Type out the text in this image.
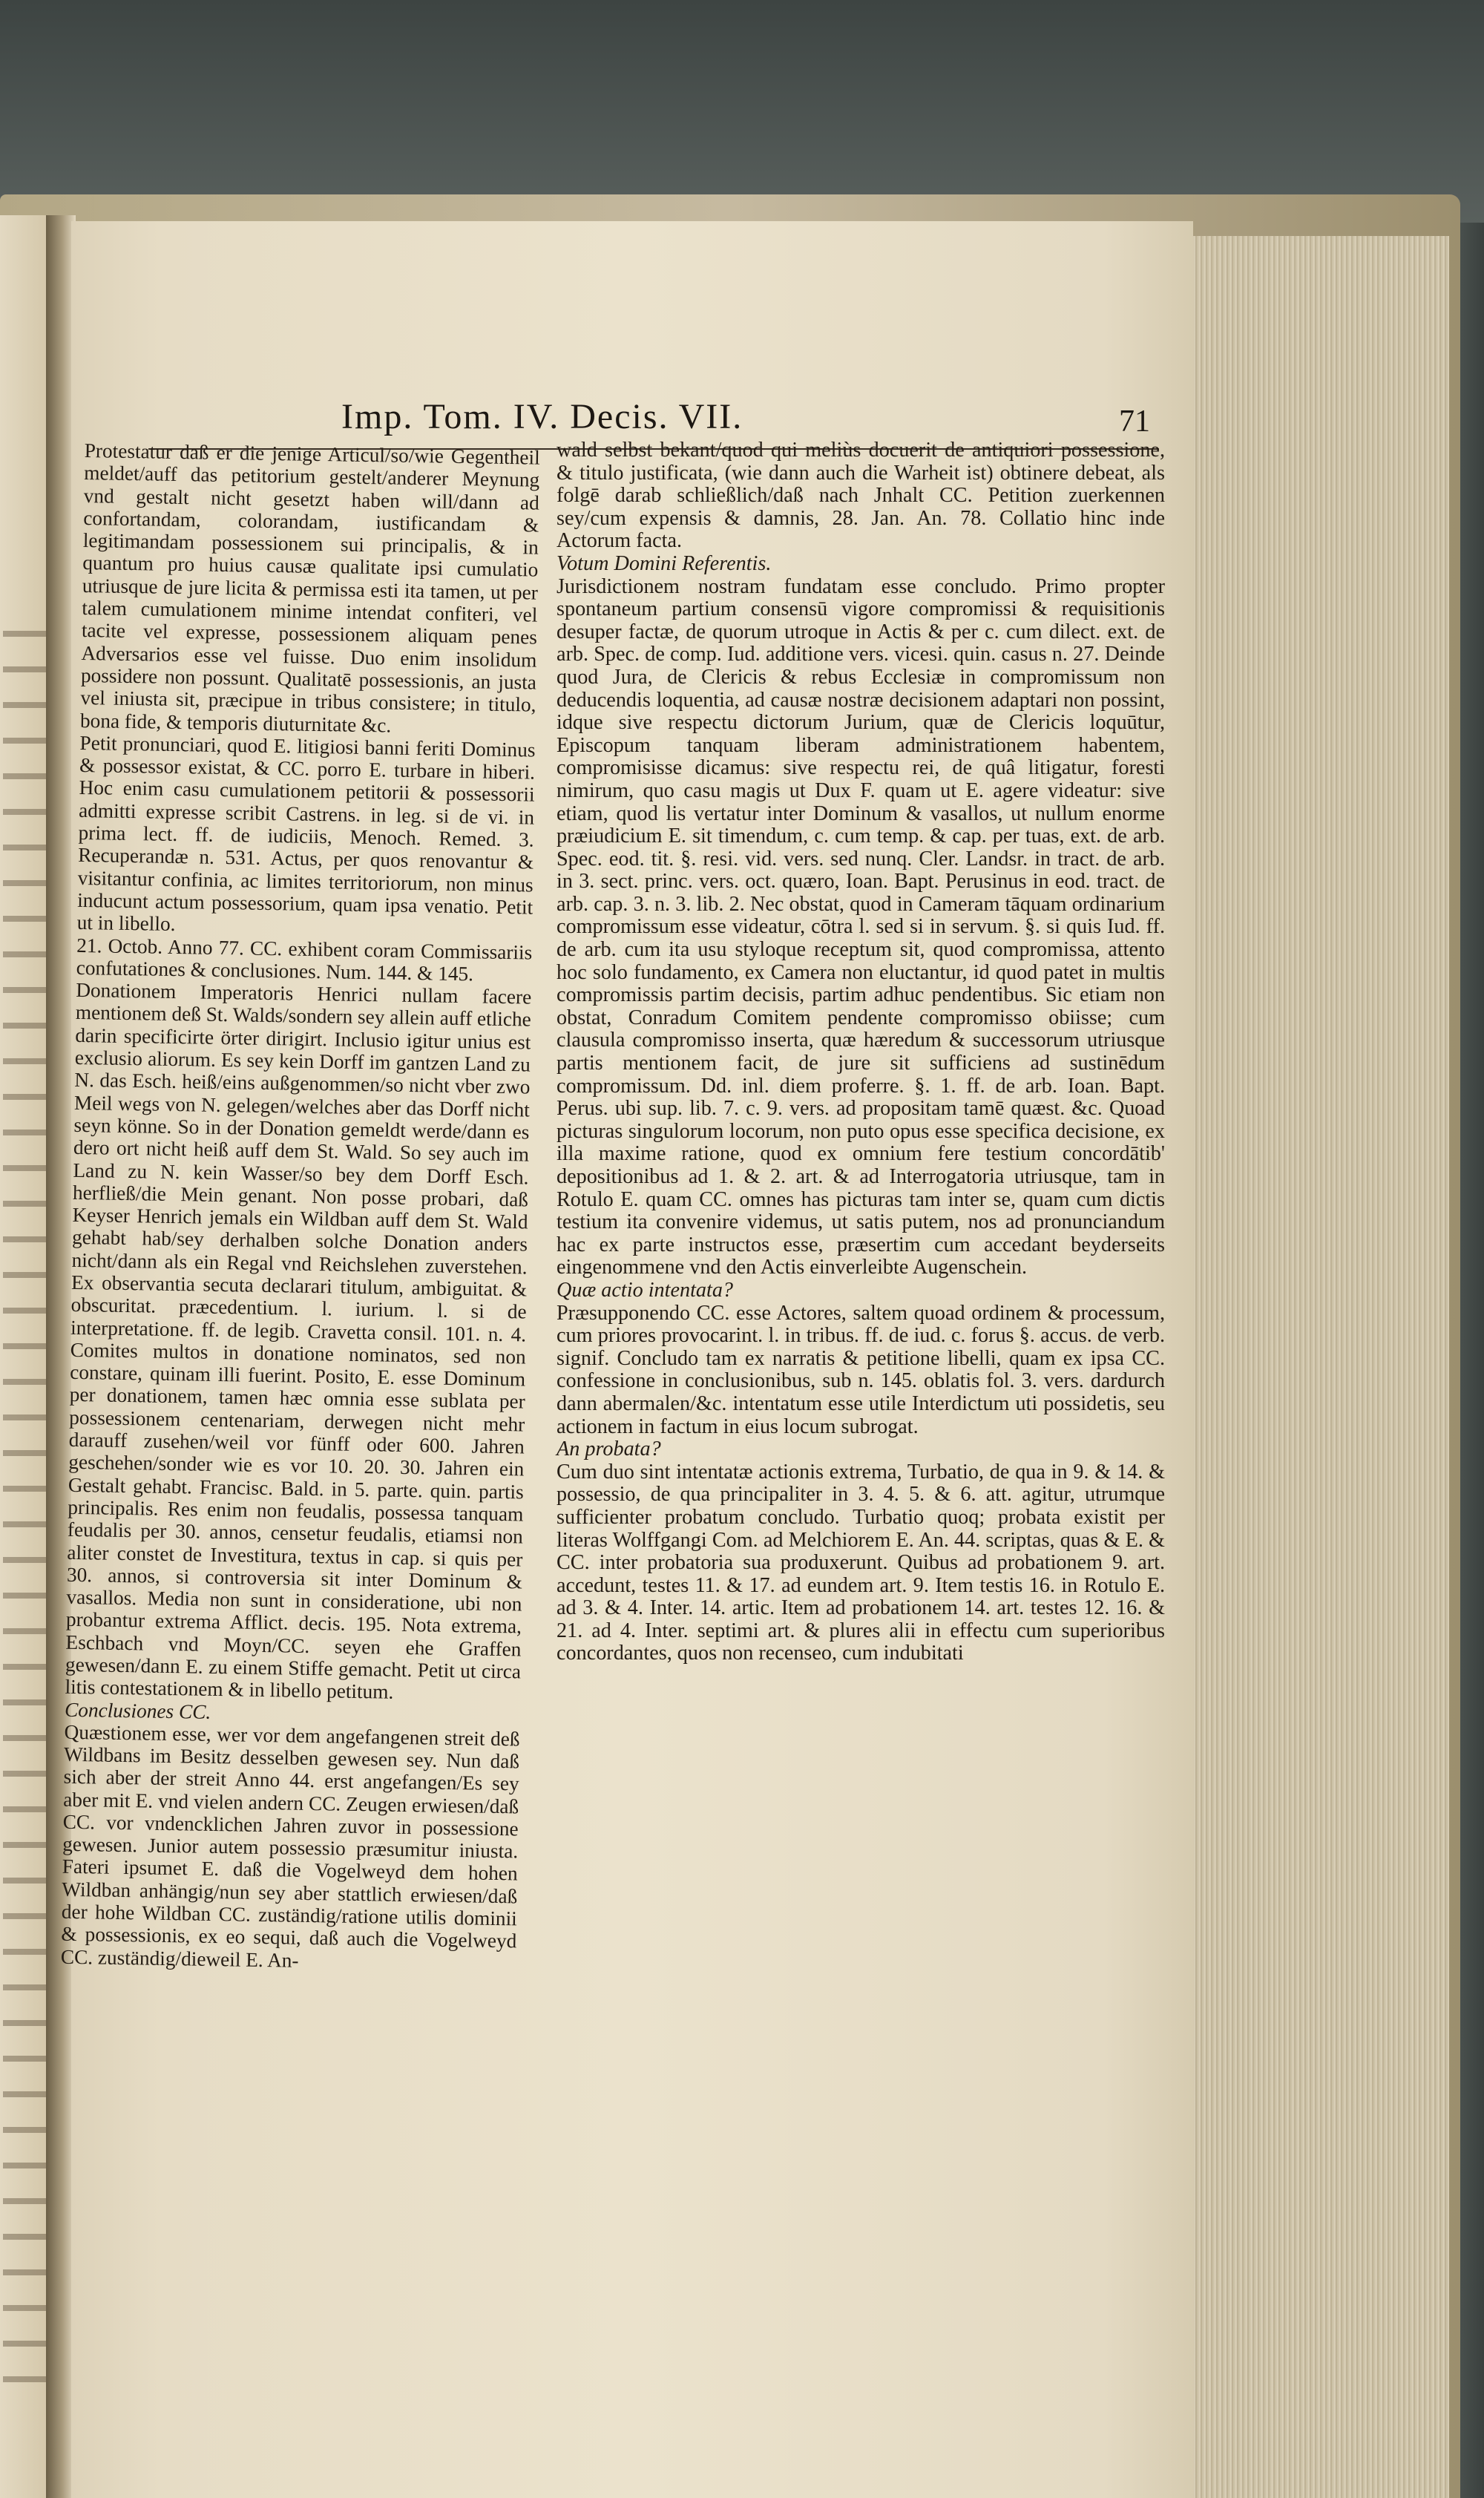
Imp. Tom. IV. Decis. VII.	71

Protestatur daß er die jenige Articul/so/wie Gegentheil meldet/auff das petitorium gestelt/anderer Meynung vnd gestalt nicht gesetzt haben will/dann ad confortandam, colorandam, iustificandam & legitimandam possessionem sui principalis, & in quantum pro huius causæ qualitate ipsi cumulatio utriusque de jure licita & permissa esti ita tamen, ut per talem cumulationem minime intendat confiteri, vel tacite vel expresse, possessionem aliquam penes Adversarios esse vel fuisse. Duo enim insolidum possidere non possunt. Qualitatē possessionis, an justa vel iniusta sit, præcipue in tribus consistere; in titulo, bona fide, & temporis diuturnitate &c.

Petit pronunciari, quod E. litigiosi banni feriti Dominus & possessor existat, & CC. porro E. turbare in hiberi. Hoc enim casu cumulationem petitorii & possessorii admitti expresse scribit Castrens. in leg. si de vi. in prima lect. ff. de iudiciis, Menoch. Remed. 3. Recuperandæ n. 531. Actus, per quos renovantur & visitantur confinia, ac limites territoriorum, non minus inducunt actum possessorium, quam ipsa venatio. Petit ut in libello.

21. Octob. Anno 77. CC. exhibent coram Commissariis confutationes & conclusiones. Num. 144. & 145.

Donationem Imperatoris Henrici nullam facere mentionem deß St. Walds/sondern sey allein auff etliche darin specificirte örter dirigirt. Inclusio igitur unius est exclusio aliorum. Es sey kein Dorff im gantzen Land zu N. das Esch. heiß/eins außgenommen/so nicht vber zwo Meil wegs von N. gelegen/welches aber das Dorff nicht seyn könne. So in der Donation gemeldt werde/dann es dero ort nicht heiß auff dem St. Wald. So sey auch im Land zu N. kein Wasser/so bey dem Dorff Esch. herfließ/die Mein genant. Non posse probari, daß Keyser Henrich jemals ein Wildban auff dem St. Wald gehabt hab/sey derhalben solche Donation anders nicht/dann als ein Regal vnd Reichslehen zuverstehen. Ex observantia secuta declarari titulum, ambiguitat. & obscuritat. præcedentium. l. iurium. l. si de interpretatione. ff. de legib. Cravetta consil. 101. n. 4. Comites multos in donatione nominatos, sed non constare, quinam illi fuerint. Posito, E. esse Dominum per donationem, tamen hæc omnia esse sublata per possessionem centenariam, derwegen nicht mehr darauff zusehen/weil vor fünff oder 600. Jahren geschehen/sonder wie es vor 10. 20. 30. Jahren ein Gestalt gehabt. Francisc. Bald. in 5. parte. quin. partis principalis. Res enim non feudalis, possessa tanquam feudalis per 30. annos, censetur feudalis, etiamsi non aliter constet de Investitura, textus in cap. si quis per 30. annos, si controversia sit inter Dominum & vasallos. Media non sunt in consideratione, ubi non probantur extrema Afflict. decis. 195. Nota extrema, Eschbach vnd Moyn/CC. seyen ehe Graffen gewesen/dann E. zu einem Stiffe gemacht. Petit ut circa litis contestationem & in libello petitum.

Conclusiones CC.

Quæstionem esse, wer vor dem angefangenen streit deß Wildbans im Besitz desselben gewesen sey. Nun daß sich aber der streit Anno 44. erst angefangen/Es sey aber mit E. vnd vielen andern CC. Zeugen erwiesen/daß CC. vor vndencklichen Jahren zuvor in possessione gewesen. Junior autem possessio præsumitur iniusta. Fateri ipsumet E. daß die Vogelweyd dem hohen Wildban anhängig/nun sey aber stattlich erwiesen/daß der hohe Wildban CC. zuständig/ratione utilis dominii & possessionis, ex eo sequi, daß auch die Vogelweyd CC. zuständig/dieweil E. An-

wald selbst bekant/quod qui meliùs docuerit de antiquiori possessione, & titulo justificata, (wie dann auch die Warheit ist) obtinere debeat, als folgē darab schließlich/daß nach Jnhalt CC. Petition zuerkennen sey/cum expensis & damnis, 28. Jan. An. 78. Collatio hinc inde Actorum facta.

Votum Domini Referentis.

Jurisdictionem nostram fundatam esse concludo. Primo propter spontaneum partium consensū vigore compromissi & requisitionis desuper factæ, de quorum utroque in Actis & per c. cum dilect. ext. de arb. Spec. de comp. Iud. additione vers. vicesi. quin. casus n. 27. Deinde quod Jura, de Clericis & rebus Ecclesiæ in compromissum non deducendis loquentia, ad causæ nostræ decisionem adaptari non possint, idque sive respectu dictorum Jurium, quæ de Clericis loquūtur, Episcopum tanquam liberam administrationem habentem, compromisisse dicamus: sive respectu rei, de quâ litigatur, foresti nimirum, quo casu magis ut Dux F. quam ut E. agere videatur: sive etiam, quod lis vertatur inter Dominum & vasallos, ut nullum enorme præiudicium E. sit timendum, c. cum temp. & cap. per tuas, ext. de arb. Spec. eod. tit. §. resi. vid. vers. sed nunq. Cler. Landsr. in tract. de arb. in 3. sect. princ. vers. oct. quæro, Ioan. Bapt. Perusinus in eod. tract. de arb. cap. 3. n. 3. lib. 2. Nec obstat, quod in Cameram tāquam ordinarium compromissum esse videatur, cōtra l. sed si in servum. §. si quis Iud. ff. de arb. cum ita usu styloque receptum sit, quod compromissa, attento hoc solo fundamento, ex Camera non eluctantur, id quod patet in multis compromissis partim decisis, partim adhuc pendentibus. Sic etiam non obstat, Conradum Comitem pendente compromisso obiisse; cum clausula compromisso inserta, quæ hæredum & successorum utriusque partis mentionem facit, de jure sit sufficiens ad sustinēdum compromissum. Dd. inl. diem proferre. §. 1. ff. de arb. Ioan. Bapt. Perus. ubi sup. lib. 7. c. 9. vers. ad propositam tamē quæst. &c. Quoad picturas singulorum locorum, non puto opus esse specifica decisione, ex illa maxime ratione, quod ex omnium fere testium concordātib' depositionibus ad 1. & 2. art. & ad Interrogatoria utriusque, tam in Rotulo E. quam CC. omnes has picturas tam inter se, quam cum dictis testium ita convenire videmus, ut satis putem, nos ad pronunciandum hac ex parte instructos esse, præsertim cum accedant beyderseits eingenommene vnd den Actis einverleibte Augenschein.

Quæ actio intentata?

Præsupponendo CC. esse Actores, saltem quoad ordinem & processum, cum priores provocarint. l. in tribus. ff. de iud. c. forus §. accus. de verb. signif. Concludo tam ex narratis & petitione libelli, quam ex ipsa CC. confessione in conclusionibus, sub n. 145. oblatis fol. 3. vers. dardurch dann abermalen/&c. intentatum esse utile Interdictum uti possidetis, seu actionem in factum in eius locum subrogat.

An probata?

Cum duo sint intentatæ actionis extrema, Turbatio, de qua in 9. & 14. & possessio, de qua principaliter in 3. 4. 5. & 6. att. agitur, utrumque sufficienter probatum concludo. Turbatio quoq; probata existit per literas Wolffgangi Com. ad Melchiorem E. An. 44. scriptas, quas & E. & CC. inter probatoria sua produxerunt. Quibus ad probationem 9. art. accedunt, testes 11. & 17. ad eundem art. 9. Item testis 16. in Rotulo E. ad 3. & 4. Inter. 14. artic. Item ad probationem 14. art. testes 12. 16. & 21. ad 4. Inter. septimi art. & plures alii in effectu cum superioribus concordantes, quos non recenseo, cum indubitati
